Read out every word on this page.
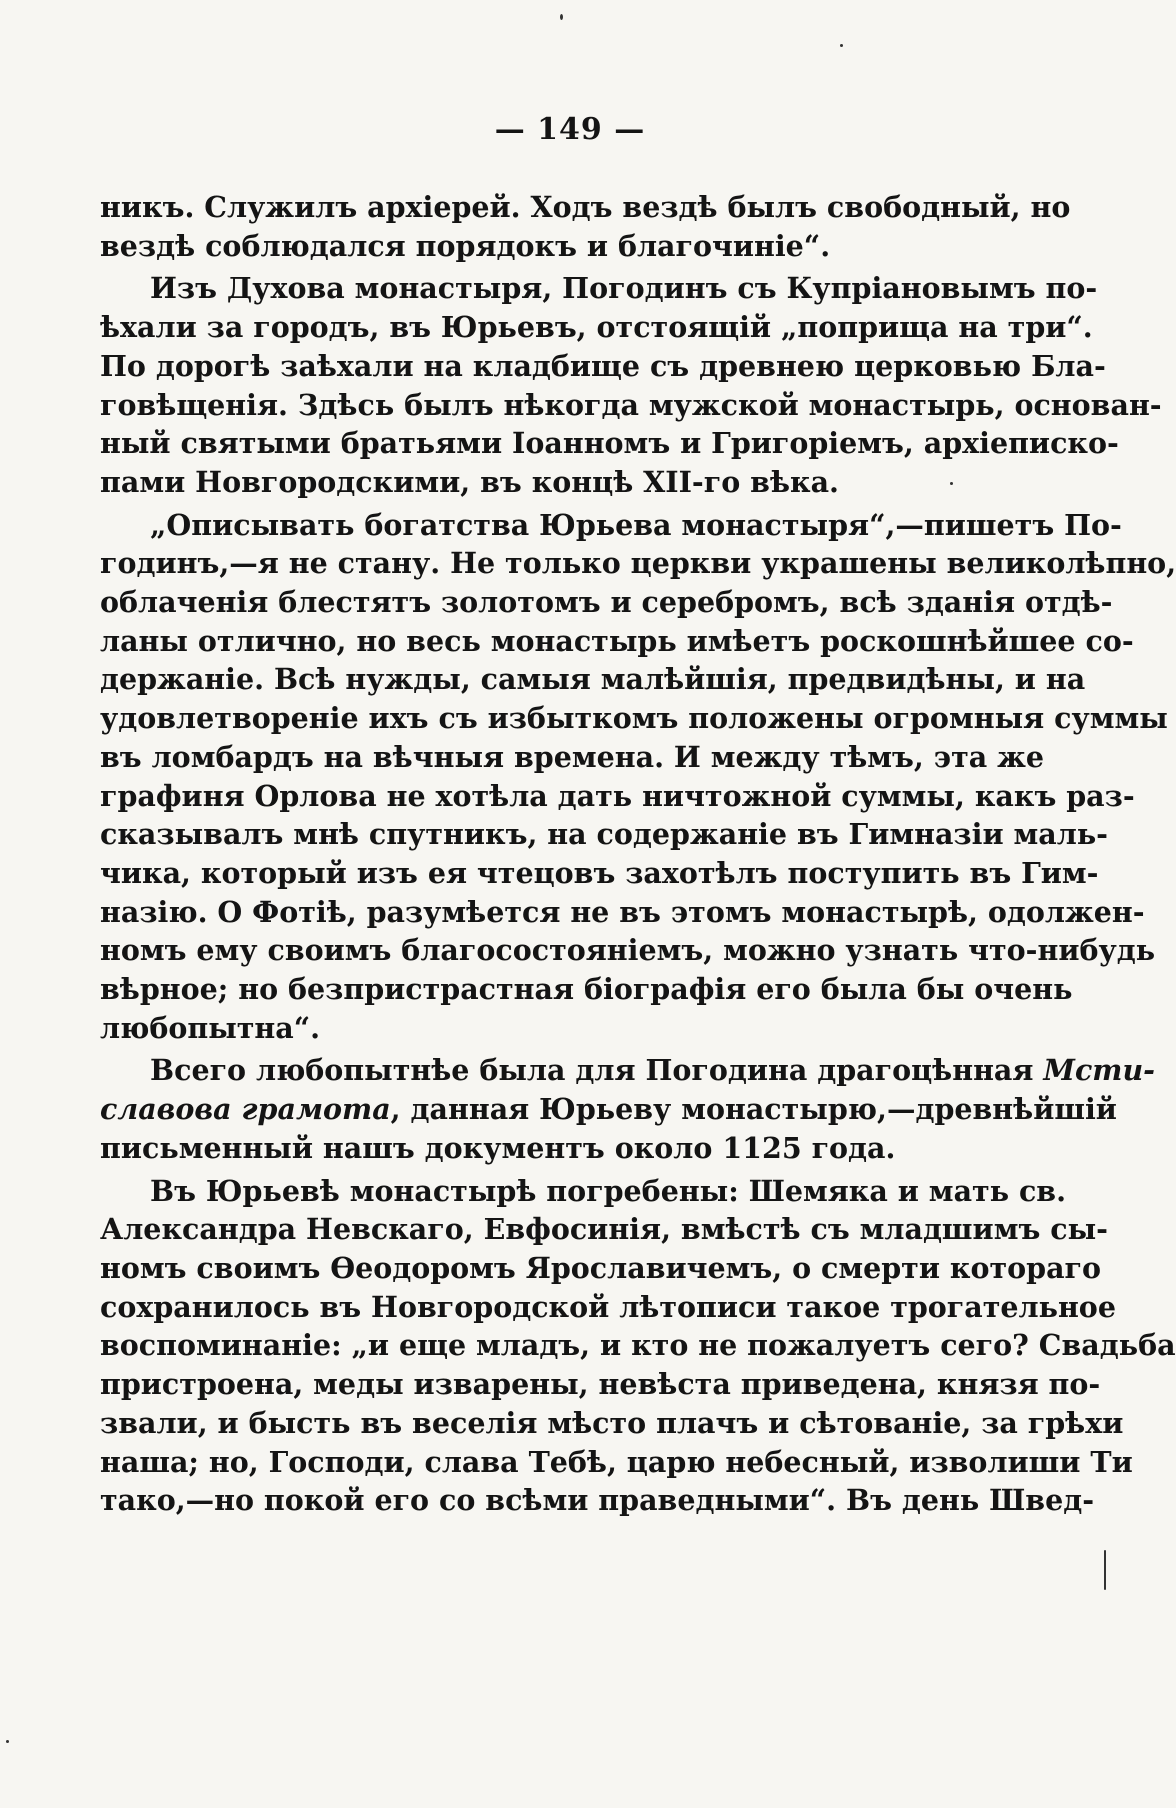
— 149 —
никъ. Служилъ архіерей. Ходъ вездѣ былъ свободный, но
вездѣ соблюдался порядокъ и благочиніе“.
Изъ Духова монастыря, Погодинъ съ Купріановымъ по-
ѣхали за городъ, въ Юрьевъ, отстоящій „поприща на три“.
По дорогѣ заѣхали на кладбище съ древнею церковью Бла-
говѣщенія. Здѣсь былъ нѣкогда мужской монастырь, основан-
ный святыми братьями Іоанномъ и Григоріемъ, архіеписко-
пами Новгородскими, въ концѣ XII-го вѣка.
„Описывать богатства Юрьева монастыря“,—пишетъ По-
годинъ,—я не стану. Не только церкви украшены великолѣпно,
облаченія блестятъ золотомъ и серебромъ, всѣ зданія отдѣ-
ланы отлично, но весь монастырь имѣетъ роскошнѣйшее со-
держаніе. Всѣ нужды, самыя малѣйшія, предвидѣны, и на
удовлетвореніе ихъ съ избыткомъ положены огромныя суммы
въ ломбардъ на вѣчныя времена. И между тѣмъ, эта же
графиня Орлова не хотѣла дать ничтожной суммы, какъ раз-
сказывалъ мнѣ спутникъ, на содержаніе въ Гимназіи маль-
чика, который изъ ея чтецовъ захотѣлъ поступить въ Гим-
назію. О Фотіѣ, разумѣется не въ этомъ монастырѣ, одолжен-
номъ ему своимъ благосостояніемъ, можно узнать что-нибудь
вѣрное; но безпристрастная біографія его была бы очень
любопытна“.
Всего любопытнѣе была для Погодина драгоцѣнная Мсти-
славова грамота, данная Юрьеву монастырю,—древнѣйшій
письменный нашъ документъ около 1125 года.
Въ Юрьевѣ монастырѣ погребены: Шемяка и мать св.
Александра Невскаго, Евфосинія, вмѣстѣ съ младшимъ сы-
номъ своимъ Ѳеодоромъ Ярославичемъ, о смерти котораго
сохранилось въ Новгородской лѣтописи такое трогательное
воспоминаніе: „и еще младъ, и кто не пожалуетъ сего? Свадьба
пристроена, меды изварены, невѣста приведена, князя по-
звали, и бысть въ веселія мѣсто плачъ и сѣтованіе, за грѣхи
наша; но, Господи, слава Тебѣ, царю небесный, изволиши Ти
тако,—но покой его со всѣми праведными“. Въ день Швед-
